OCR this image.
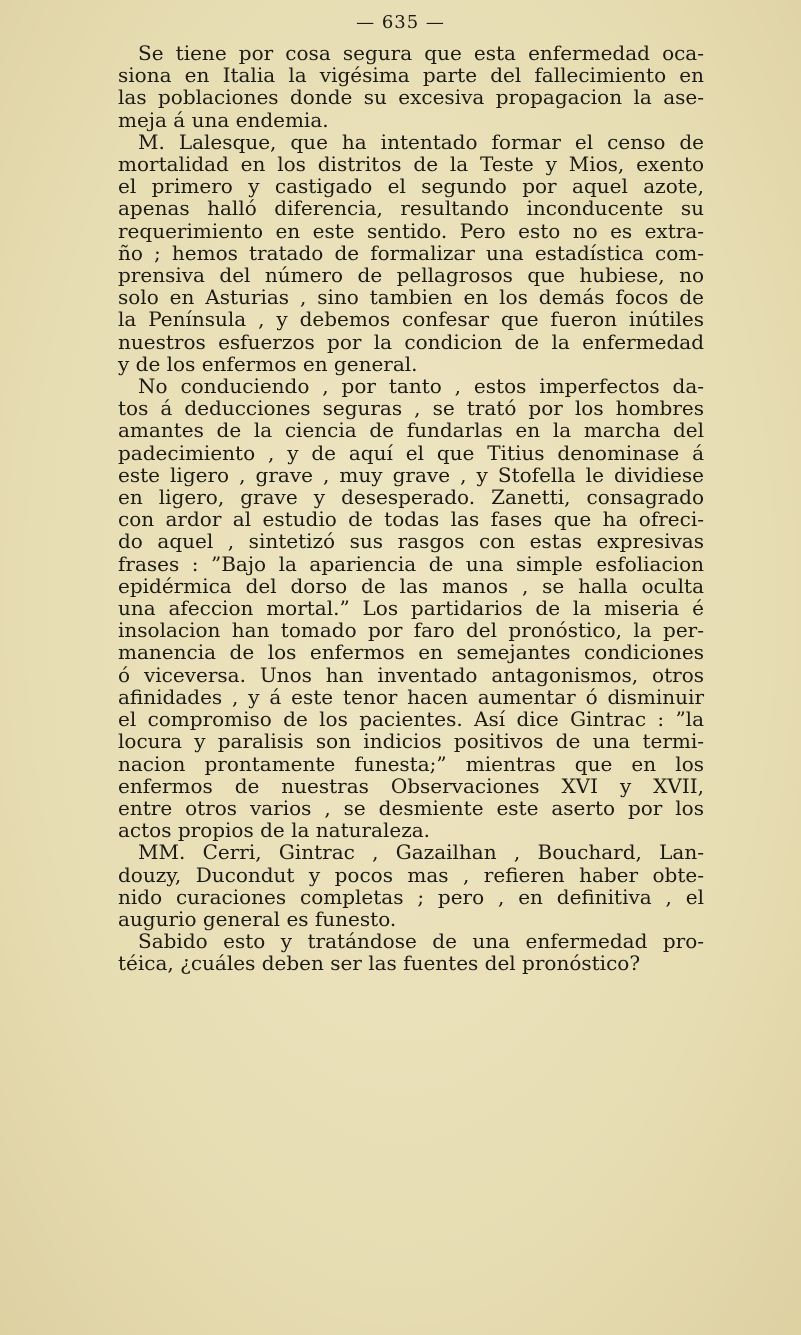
— 635 —
Se tiene por cosa segura que esta enfermedad oca-
siona en Italia la vigésima parte del fallecimiento en
las poblaciones donde su excesiva propagacion la ase-
meja á una endemia.
M. Lalesque, que ha intentado formar el censo de
mortalidad en los distritos de la Teste y Mios, exento
el primero y castigado el segundo por aquel azote,
apenas halló diferencia, resultando inconducente su
requerimiento en este sentido. Pero esto no es extra-
ño ; hemos tratado de formalizar una estadística com-
prensiva del número de pellagrosos que hubiese, no
solo en Asturias , sino tambien en los demás focos de
la Península , y debemos confesar que fueron inútiles
nuestros esfuerzos por la condicion de la enfermedad
y de los enfermos en general.
No conduciendo , por tanto , estos imperfectos da-
tos á deducciones seguras , se trató por los hombres
amantes de la ciencia de fundarlas en la marcha del
padecimiento , y de aquí el que Titius denominase á
este ligero , grave , muy grave , y Stofella le dividiese
en ligero, grave y desesperado. Zanetti, consagrado
con ardor al estudio de todas las fases que ha ofreci-
do aquel , sintetizó sus rasgos con estas expresivas
frases : ”Bajo la apariencia de una simple esfoliacion
epidérmica del dorso de las manos , se halla oculta
una afeccion mortal.” Los partidarios de la miseria é
insolacion han tomado por faro del pronóstico, la per-
manencia de los enfermos en semejantes condiciones
ó viceversa. Unos han inventado antagonismos, otros
afinidades , y á este tenor hacen aumentar ó disminuir
el compromiso de los pacientes. Así dice Gintrac : ”la
locura y paralisis son indicios positivos de una termi-
nacion prontamente funesta;” mientras que en los
enfermos de nuestras Observaciones XVI y XVII,
entre otros varios , se desmiente este aserto por los
actos propios de la naturaleza.
MM. Cerri, Gintrac , Gazailhan , Bouchard, Lan-
douzy, Ducondut y pocos mas , refieren haber obte-
nido curaciones completas ; pero , en definitiva , el
augurio general es funesto.
Sabido esto y tratándose de una enfermedad pro-
téica, ¿cuáles deben ser las fuentes del pronóstico?
